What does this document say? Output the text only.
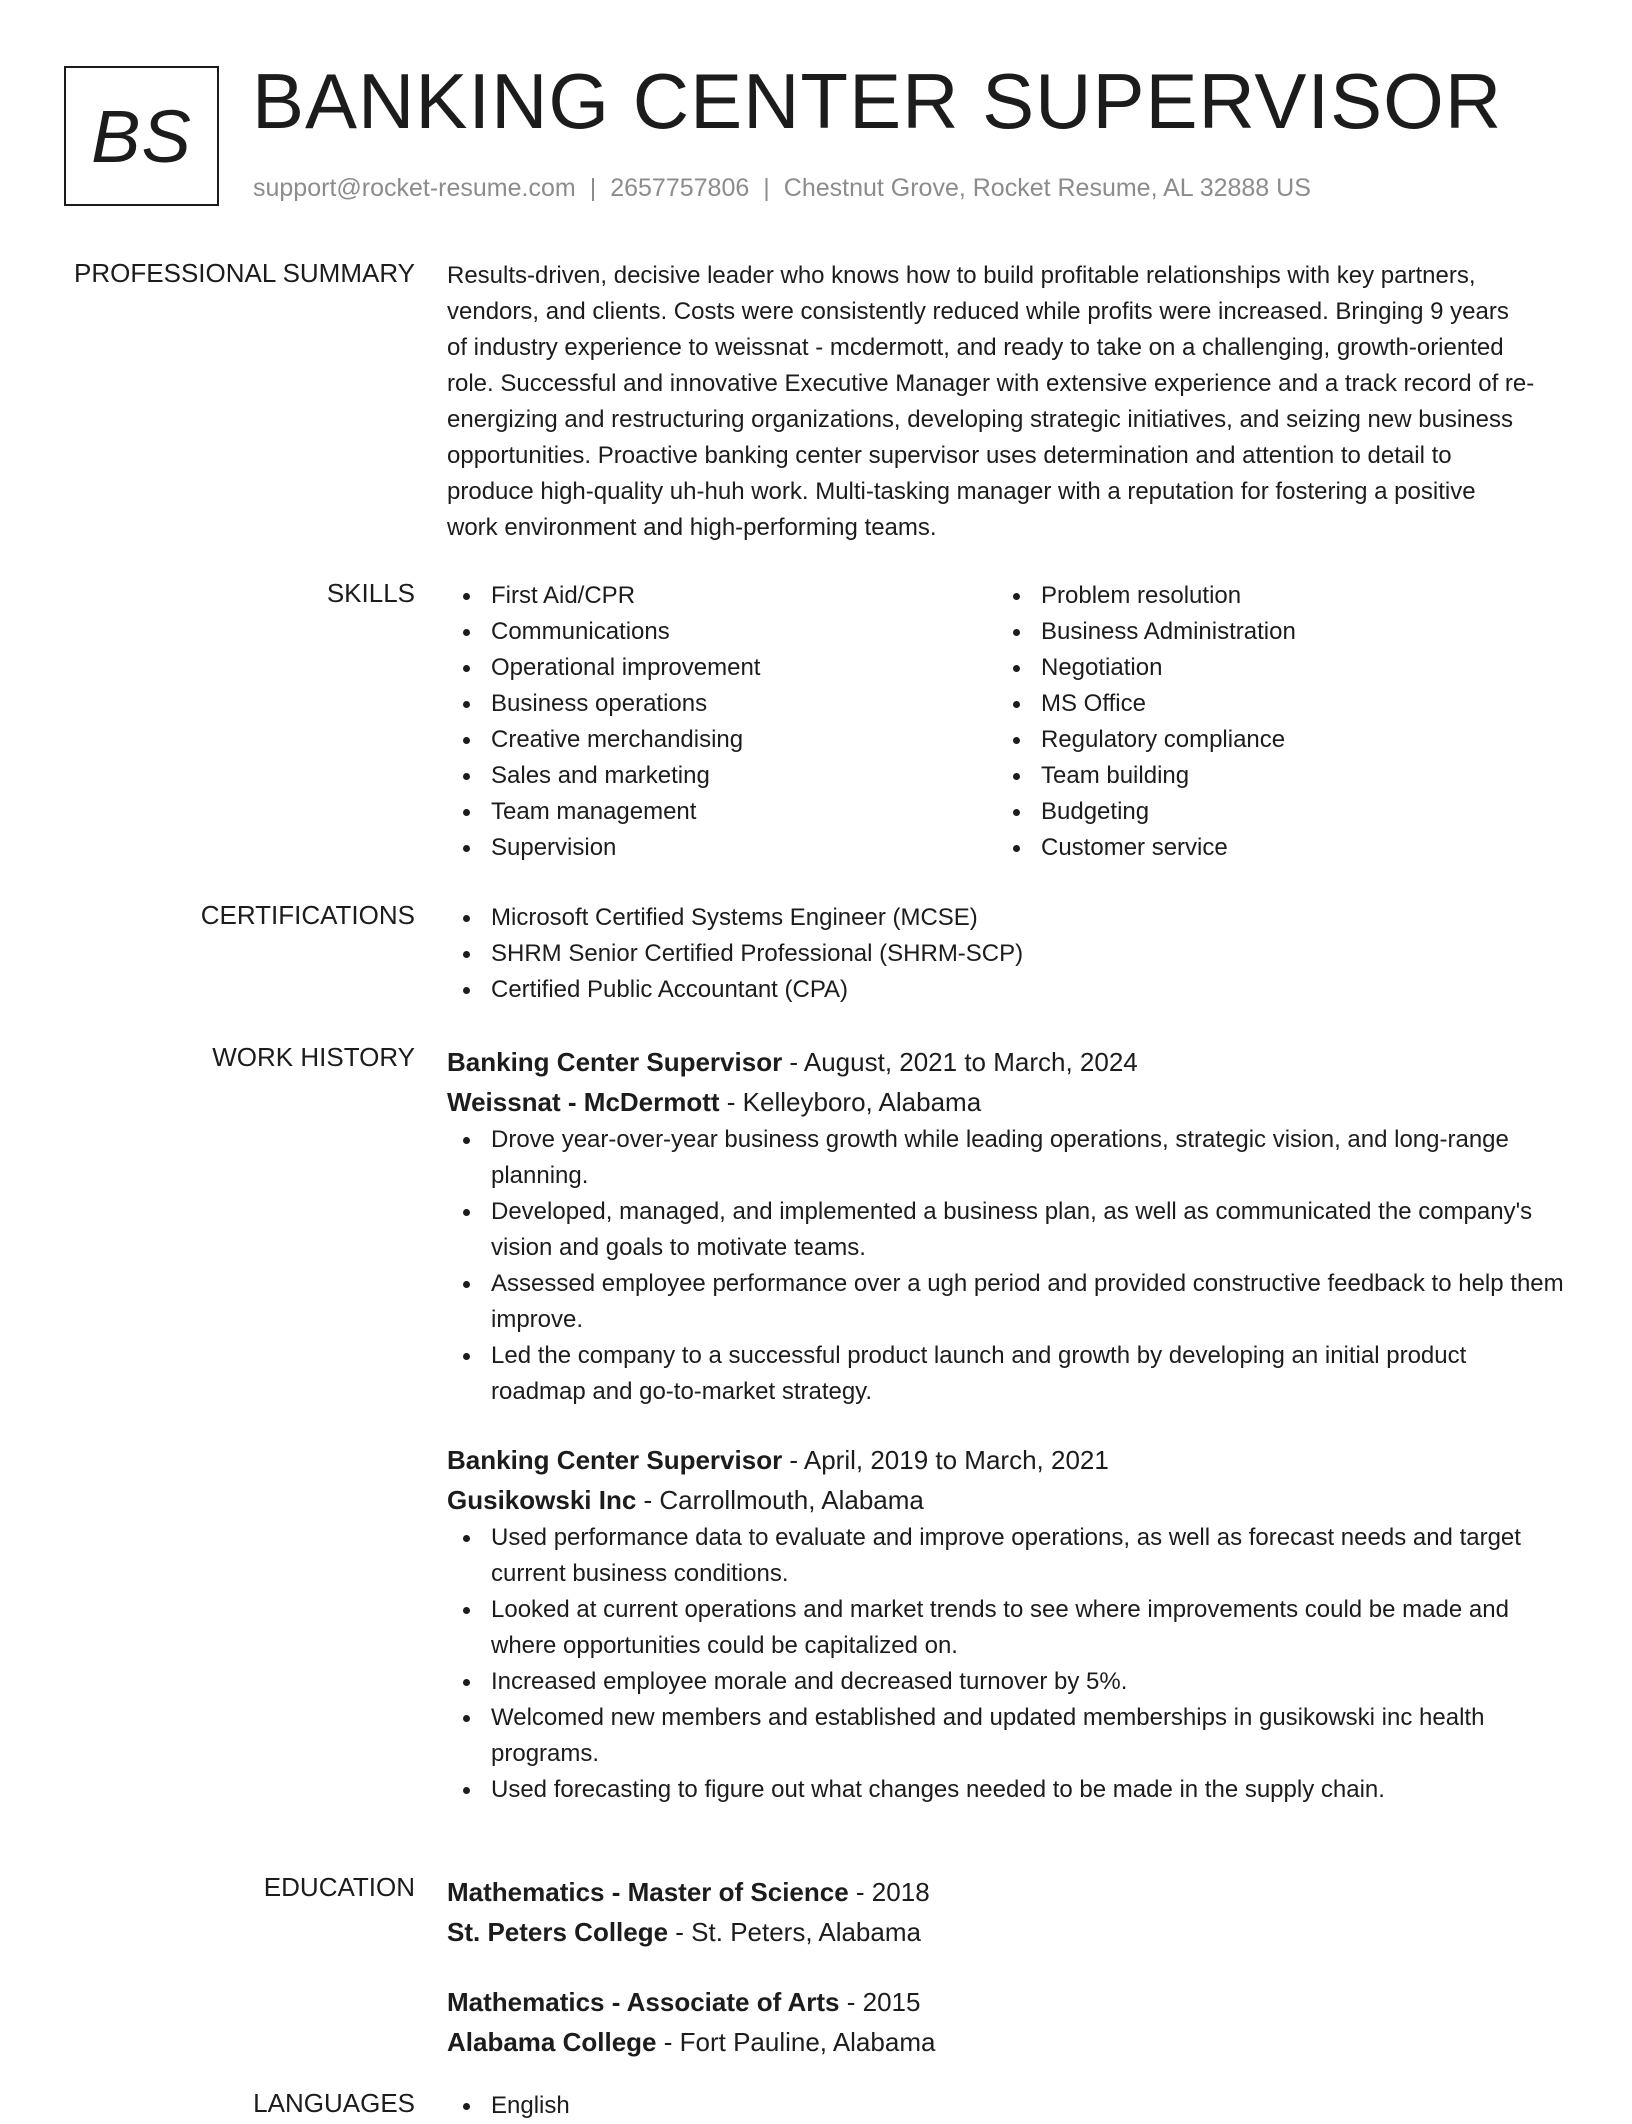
BS BANKING CENTER SUPERVISOR
support@rocket-resume.com | 2657757806 | Chestnut Grove, Rocket Resume, AL 32888 US
PROFESSIONAL SUMMARY Results-driven, decisive leader who knows how to build profitable relationships with key partners,

vendors, and clients. Costs were consistently reduced while profits were increased. Bringing 9 years

of industry experience to weissnat - mcdermott, and ready to take on a challenging, growth-oriented

role. Successful and innovative Executive Manager with extensive experience and a track record of re-

energizing and restructuring organizations, developing strategic initiatives, and seizing new business

opportunities. Proactive banking center supervisor uses determination and attention to detail to

produce high-quality uh-huh work. Multi-tasking manager with a reputation for fostering a positive

work environment and high-performing teams.

SKILLS	First Aid/CPR
Communications
Operational improvement
Business operations
Creative merchandising
Sales and marketing
Team management
Supervision
Problem resolution
Business Administration
Negotiation
MS Office
Regulatory compliance
Team building
Budgeting
Customer service
CERTIFICATIONS	Microsoft Certified Systems Engineer (MCSE)
SHRM Senior Certified Professional (SHRM-SCP)
Certified Public Accountant (CPA)
WORK HISTORY Banking Center Supervisor - August, 2021 to March, 2024
Weissnat - McDermott - Kelleyboro, Alabama
Drove year-over-year business growth while leading operations, strategic vision, and long-range planning.
Developed, managed, and implemented a business plan, as well as communicated the company's vision and goals to motivate teams.
Assessed employee performance over a ugh period and provided constructive feedback to help them improve.
Led the company to a successful product launch and growth by developing an initial product roadmap and go-to-market strategy.
Banking Center Supervisor - April, 2019 to March, 2021
Gusikowski Inc - Carrollmouth, Alabama
Used performance data to evaluate and improve operations, as well as forecast needs and target current business conditions.
Looked at current operations and market trends to see where improvements could be made and where opportunities could be capitalized on.
Increased employee morale and decreased turnover by 5%.
Welcomed new members and established and updated memberships in gusikowski inc health programs.
Used forecasting to figure out what changes needed to be made in the supply chain.
EDUCATION Mathematics - Master of Science - 2018
St. Peters College - St. Peters, Alabama
Mathematics - Associate of Arts - 2015
Alabama College - Fort Pauline, Alabama
LANGUAGES	English
